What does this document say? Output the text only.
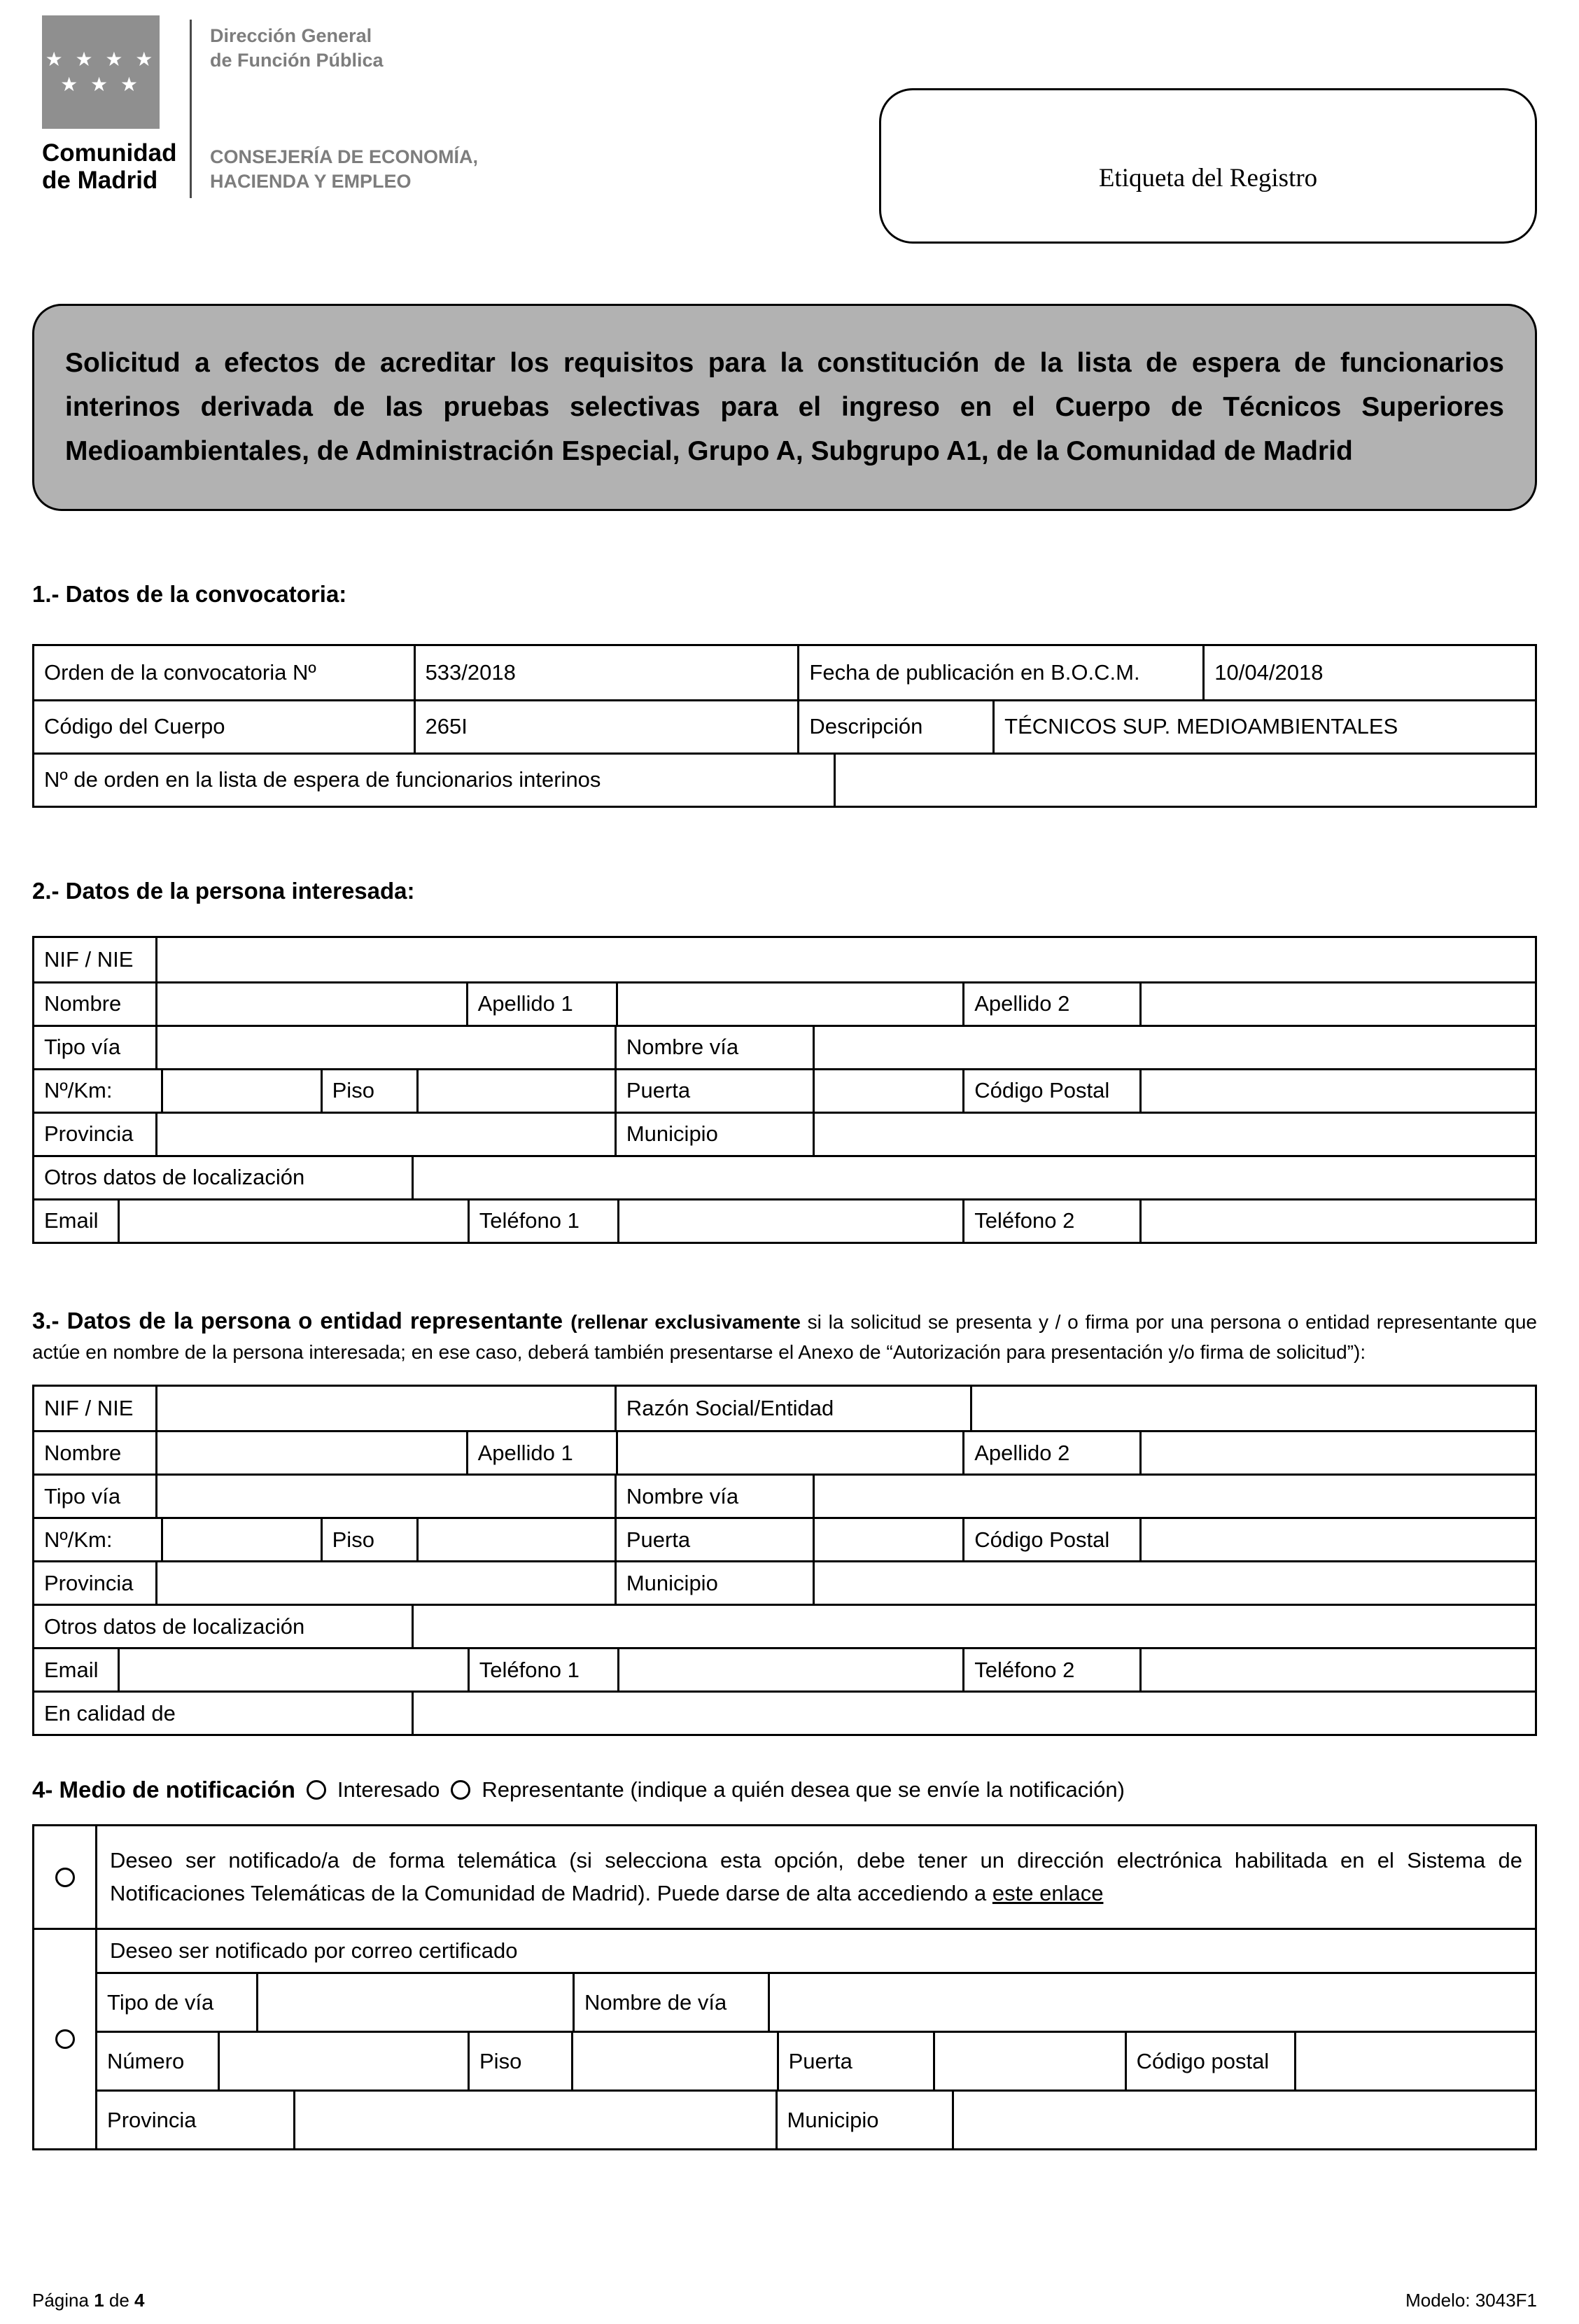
★ ★ ★ ★
★ ★ ★
Comunidad
de Madrid
Dirección General
de Función Pública
CONSEJERÍA DE ECONOMÍA,
HACIENDA Y EMPLEO	Etiqueta del Registro

Solicitud a efectos de acreditar los requisitos para la constitución de la lista de espera de funcionarios interinos derivada de las pruebas selectivas para el ingreso en el Cuerpo de Técnicos Superiores Medioambientales, de Administración Especial, Grupo A, Subgrupo A1, de la Comunidad de Madrid

1.- Datos de la convocatoria:
Orden de la convocatoria Nº	533/2018	Fecha de publicación en B.O.C.M.	10/04/2018
Código del Cuerpo	265I	Descripción	TÉCNICOS SUP. MEDIOAMBIENTALES
Nº de orden en la lista de espera de funcionarios interinos
2.- Datos de la persona interesada:
NIF / NIE
Nombre	Apellido 1	Apellido 2
Tipo vía	Nombre vía
Nº/Km:	Piso	Puerta	Código Postal
Provincia	Municipio
Otros datos de localización
Email	Teléfono 1	Teléfono 2

3.- Datos de la persona o entidad representante (rellenar exclusivamente si la solicitud se presenta y / o firma por una persona o entidad representante que actúe en nombre de la persona interesada; en ese caso, deberá también presentarse el Anexo de “Autorización para presentación y/o firma de solicitud”):

NIF / NIE	Razón Social/Entidad
Nombre	Apellido 1	Apellido 2
Tipo vía	Nombre vía
Nº/Km:	Piso	Puerta	Código Postal
Provincia	Municipio
Otros datos de localización
Email	Teléfono 1	Teléfono 2
En calidad de
4- Medio de notificación Interesado Representante (indique a quién desea que se envíe la notificación)
Deseo ser notificado/a de forma telemática (si selecciona esta opción, debe tener un dirección electrónica habilitada en el Sistema de Notificaciones Telemáticas de la Comunidad de Madrid). Puede darse de alta accediendo a este enlace
Deseo ser notificado por correo certificado
Tipo de vía	Nombre de vía
Número	Piso	Puerta	Código postal
Provincia	Municipio
Página 1 de 4	Modelo: 3043F1
